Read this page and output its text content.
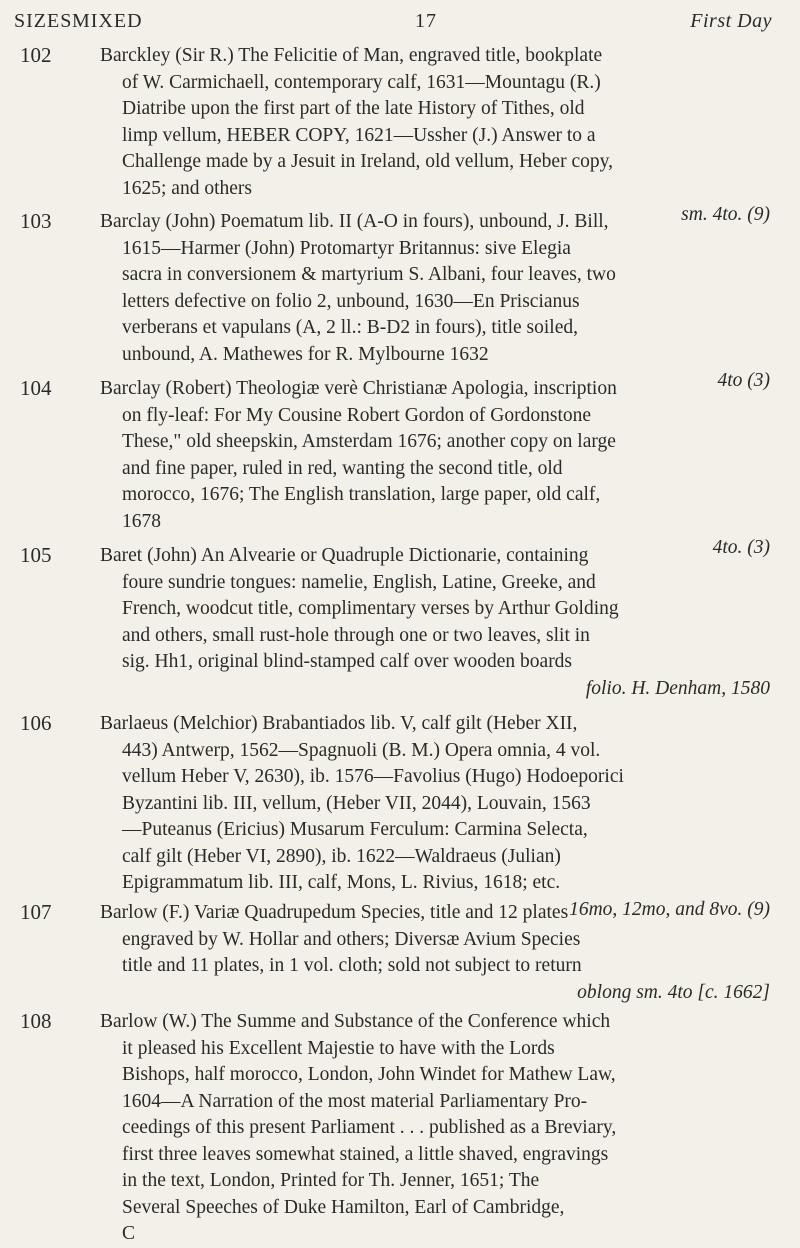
SIZES MIXED	17	First Day
102 Barckley (Sir R.) The Felicitie of Man, engraved title, bookplate
of W. Carmichaell, contemporary calf, 1631—Mountagu (R.)
Diatribe upon the first part of the late History of Tithes, old
limp vellum, HEBER COPY, 1621—Ussher (J.) Answer to a
Challenge made by a Jesuit in Ireland, old vellum, Heber copy,
1625; and others
sm. 4to. (9)
103 Barclay (John) Poematum lib. II (A-O in fours), unbound, J. Bill,
1615—Harmer (John) Protomartyr Britannus: sive Elegia
sacra in conversionem & martyrium S. Albani, four leaves, two
letters defective on folio 2, unbound, 1630—En Priscianus
verberans et vapulans (A, 2 ll.: B-D2 in fours), title soiled,
unbound, A. Mathewes for R. Mylbourne 1632
4to (3)
104 Barclay (Robert) Theologiæ verè Christianæ Apologia, inscription
on fly-leaf: For My Cousine Robert Gordon of Gordonstone
These," old sheepskin, Amsterdam 1676; another copy on large
and fine paper, ruled in red, wanting the second title, old
morocco, 1676; The English translation, large paper, old calf,
1678
4to. (3)
105 Baret (John) An Alvearie or Quadruple Dictionarie, containing
foure sundrie tongues: namelie, English, Latine, Greeke, and
French, woodcut title, complimentary verses by Arthur Golding
and others, small rust-hole through one or two leaves, slit in
sig. Hh1, original blind-stamped calf over wooden boards
folio. H. Denham, 1580
106 Barlaeus (Melchior) Brabantiados lib. V, calf gilt (Heber XII,
443) Antwerp, 1562—Spagnuoli (B. M.) Opera omnia, 4 vol.
vellum Heber V, 2630), ib. 1576—Favolius (Hugo) Hodoeporici
Byzantini lib. III, vellum, (Heber VII, 2044), Louvain, 1563
—Puteanus (Ericius) Musarum Ferculum: Carmina Selecta,
calf gilt (Heber VI, 2890), ib. 1622—Waldraeus (Julian)
Epigrammatum lib. III, calf, Mons, L. Rivius, 1618; etc.
16mo, 12mo, and 8vo. (9)
107 Barlow (F.) Variæ Quadrupedum Species, title and 12 plates
engraved by W. Hollar and others; Diversæ Avium Species
title and 11 plates, in 1 vol. cloth; sold not subject to return
oblong sm. 4to [c. 1662]
108 Barlow (W.) The Summe and Substance of the Conference which
it pleased his Excellent Majestie to have with the Lords
Bishops, half morocco, London, John Windet for Mathew Law,
1604—A Narration of the most material Parliamentary Pro-
ceedings of this present Parliament . . . published as a Breviary,
first three leaves somewhat stained, a little shaved, engravings
in the text, London, Printed for Th. Jenner, 1651; The
Several Speeches of Duke Hamilton, Earl of Cambridge,
C
